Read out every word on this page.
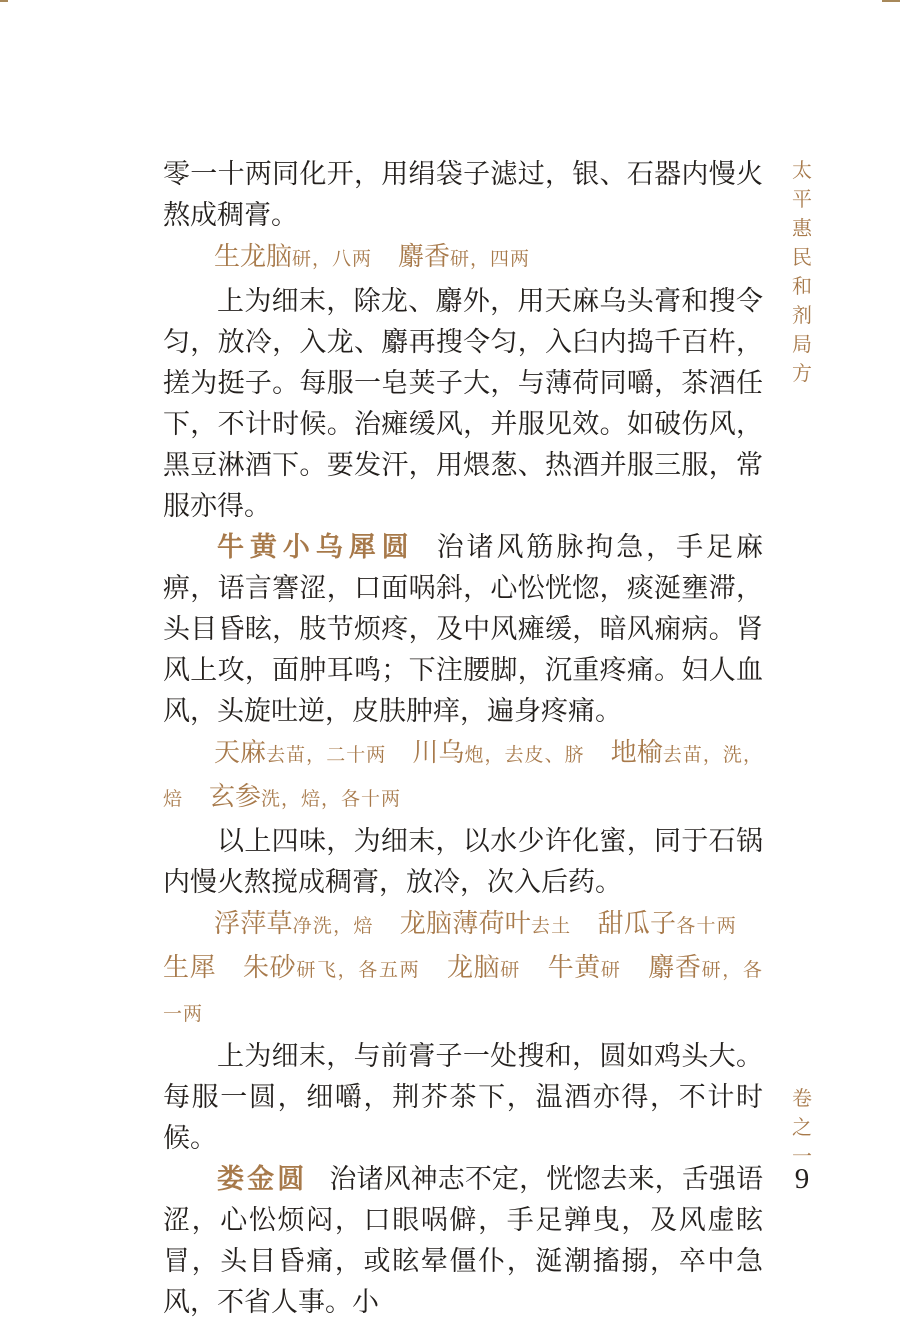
零一十两同化开，用绢袋子滤过，银、石器内慢火熬成稠膏。

生龙脑研，八两 麝香研，四两

上为细末，除龙、麝外，用天麻乌头膏和搜令匀，放冷，入龙、麝再搜令匀，入臼内捣千百杵，搓为挺子。每服一皂荚子大，与薄荷同嚼，茶酒任下，不计时候。治瘫缓风，并服见效。如破伤风，黑豆淋酒下。要发汗，用煨葱、热酒并服三服，常服亦得。

牛黄小乌犀圆 治诸风筋脉拘急，手足麻痹，语言謇涩，口面㖞斜，心忪恍惚，痰涎壅滞，头目昏眩，肢节烦疼，及中风瘫缓，暗风痫病。肾风上攻，面肿耳鸣；下注腰脚，沉重疼痛。妇人血风，头旋吐逆，皮肤肿痒，遍身疼痛。

天麻去苗，二十两 川乌炮，去皮、脐 地榆去苗，洗，焙 玄参洗，焙，各十两

以上四味，为细末，以水少许化蜜，同于石锅内慢火熬搅成稠膏，放冷，次入后药。

浮萍草净洗，焙 龙脑薄荷叶去土 甜瓜子各十两生犀 朱砂研飞，各五两 龙脑研 牛黄研 麝香研，各一两

上为细末，与前膏子一处搜和，圆如鸡头大。每服一圆，细嚼，荆芥茶下，温酒亦得，不计时候。

娄金圆 治诸风神志不定，恍惚去来，舌强语涩，心忪烦闷，口眼㖞僻，手足亸曳，及风虚眩冒，头目昏痛，或眩晕僵仆，涎潮搐搦，卒中急风，不省人事。小

太平惠民和剂局方
卷之一
9
